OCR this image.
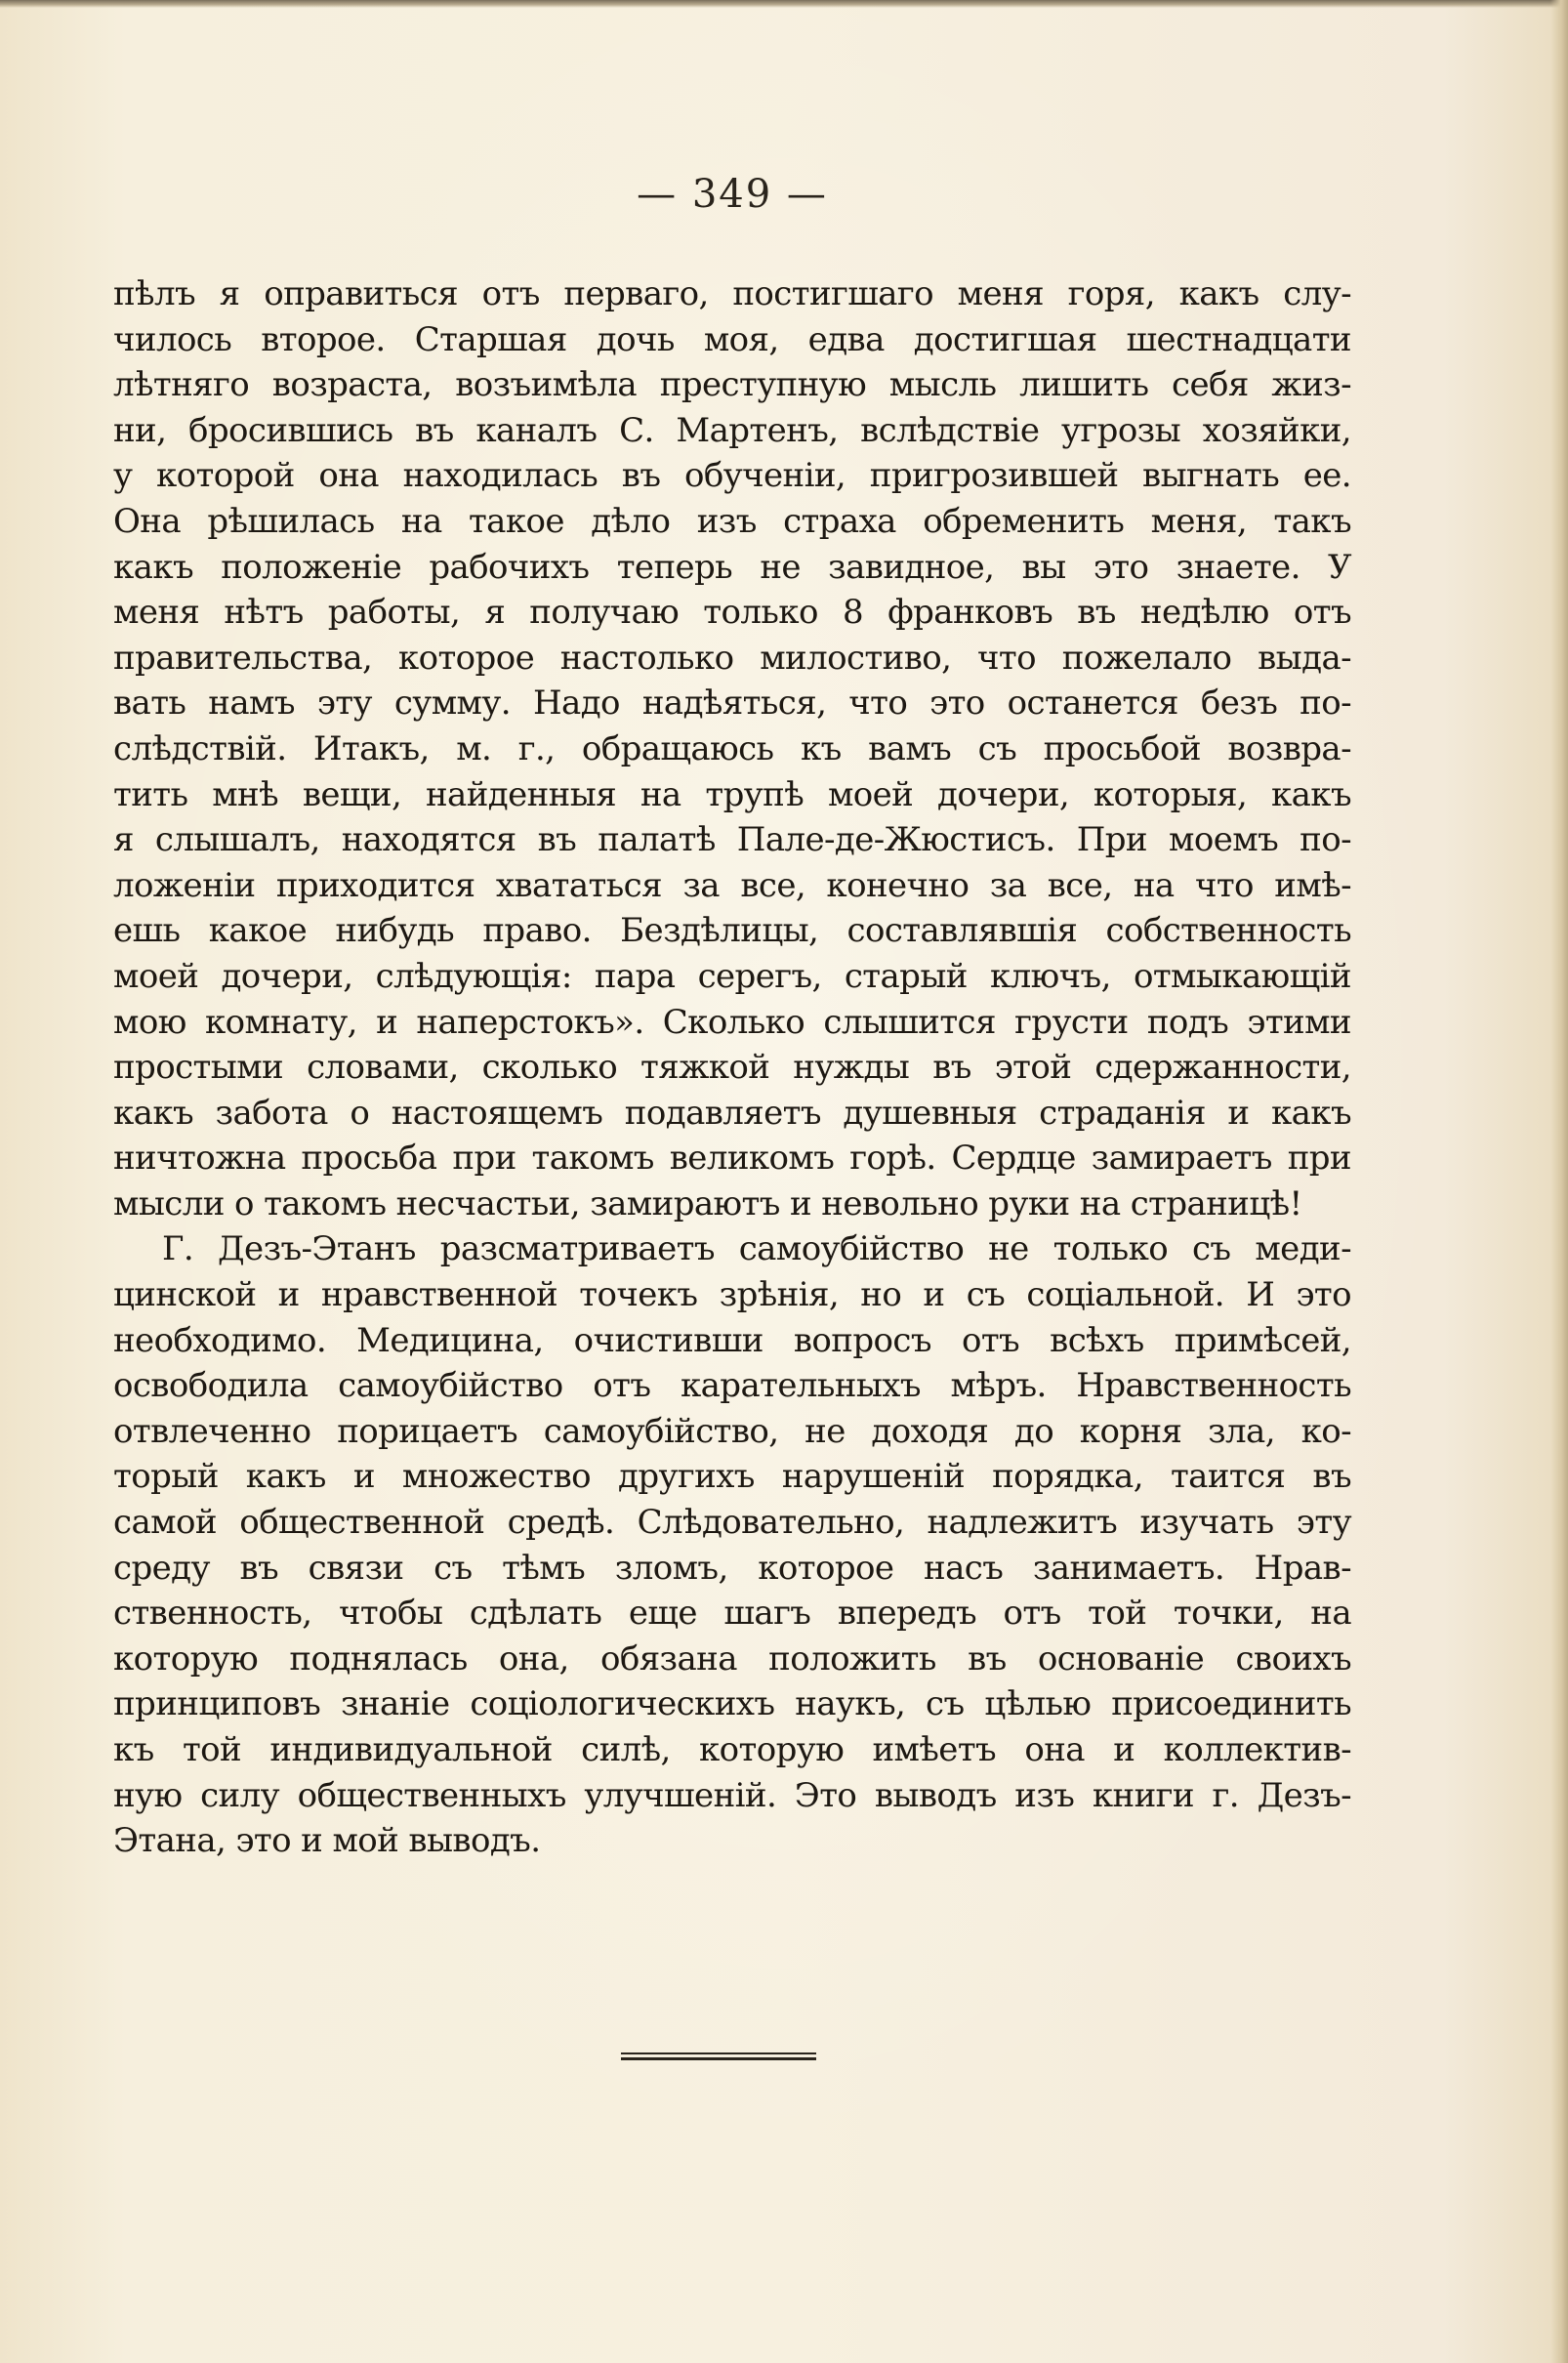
— 349 —
пѣлъ я оправиться отъ перваго, постигшаго меня горя, какъ слу-
чилось второе. Старшая дочь моя, едва достигшая шестнадцати
лѣтняго возраста, возъимѣла преступную мысль лишить себя жиз-
ни, бросившись въ каналъ С. Мартенъ, вслѣдствіе угрозы хозяйки,
у которой она находилась въ обученіи, пригрозившей выгнать ее.
Она рѣшилась на такое дѣло изъ страха обременить меня, такъ
какъ положеніе рабочихъ теперь не завидное, вы это знаете. У
меня нѣтъ работы, я получаю только 8 франковъ въ недѣлю отъ
правительства, которое настолько милостиво, что пожелало выда-
вать намъ эту сумму. Надо надѣяться, что это останется безъ по-
слѣдствій. Итакъ, м. г., обращаюсь къ вамъ съ просьбой возвра-
тить мнѣ вещи, найденныя на трупѣ моей дочери, которыя, какъ
я слышалъ, находятся въ палатѣ Пале-де-Жюстисъ. При моемъ по-
ложеніи приходится хвататься за все, конечно за все, на что имѣ-
ешь какое нибудь право. Бездѣлицы, составлявшія собственность
моей дочери, слѣдующія: пара серегъ, старый ключъ, отмыкающій
мою комнату, и наперстокъ». Сколько слышится грусти подъ этими
простыми словами, сколько тяжкой нужды въ этой сдержанности,
какъ забота о настоящемъ подавляетъ душевныя страданія и какъ
ничтожна просьба при такомъ великомъ горѣ. Сердце замираетъ при
мысли о такомъ несчастьи, замираютъ и невольно руки на страницѣ!
Г. Дезъ-Этанъ разсматриваетъ самоубійство не только съ меди-
цинской и нравственной точекъ зрѣнія, но и съ соціальной. И это
необходимо. Медицина, очистивши вопросъ отъ всѣхъ примѣсей,
освободила самоубійство отъ карательныхъ мѣръ. Нравственность
отвлеченно порицаетъ самоубійство, не доходя до корня зла, ко-
торый какъ и множество другихъ нарушеній порядка, таится въ
самой общественной средѣ. Слѣдовательно, надлежитъ изучать эту
среду въ связи съ тѣмъ зломъ, которое насъ занимаетъ. Нрав-
ственность, чтобы сдѣлать еще шагъ впередъ отъ той точки, на
которую поднялась она, обязана положить въ основаніе своихъ
принциповъ знаніе соціологическихъ наукъ, съ цѣлью присоединить
къ той индивидуальной силѣ, которую имѣетъ она и коллектив-
ную силу общественныхъ улучшеній. Это выводъ изъ книги г. Дезъ-
Этана, это и мой выводъ.
